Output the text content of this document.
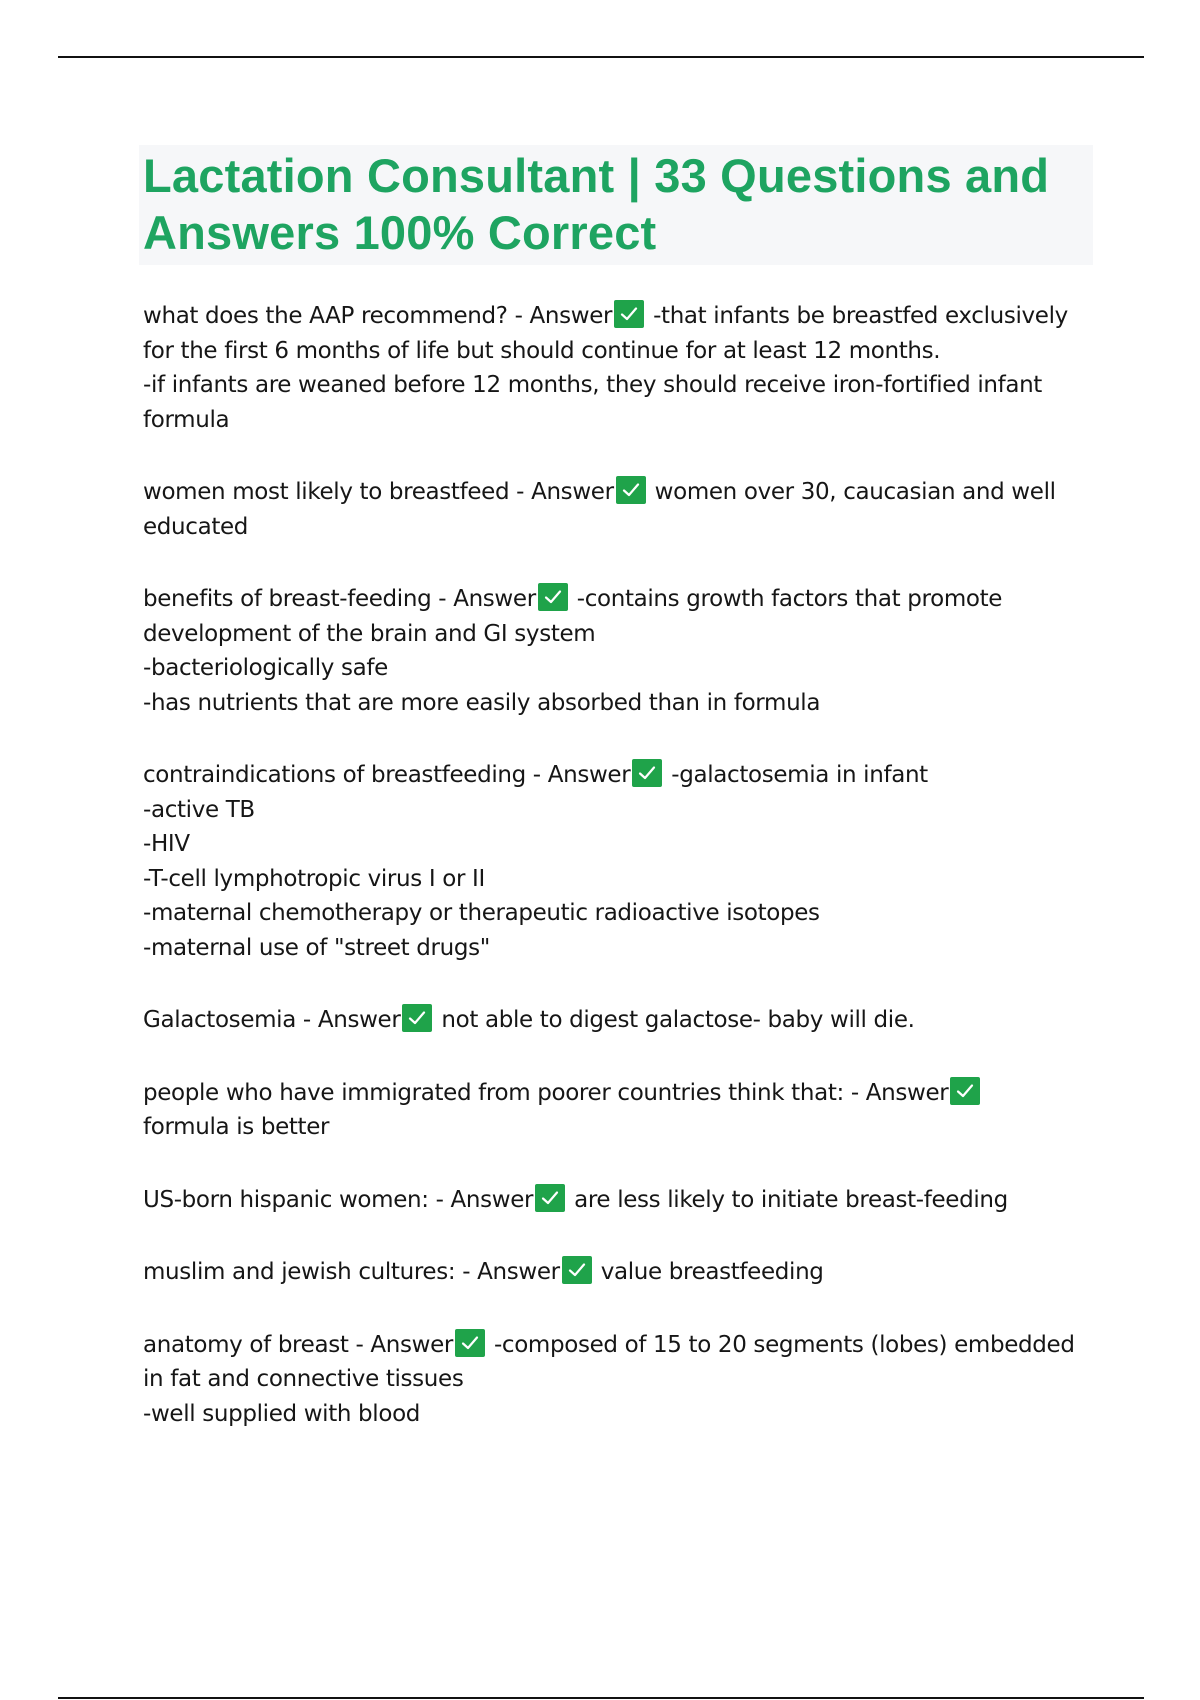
Lactation Consultant | 33 Questions and Answers 100% Correct

what does the AAP recommend? - Answer
-that infants be breastfed exclusively for the first 6 months of life but should continue for at least 12 months.
-if infants are weaned before 12 months, they should receive iron-fortified infant formula

women most likely to breastfeed - Answer
women over 30, caucasian and well educated

benefits of breast-feeding - Answer
-contains growth factors that promote development of the brain and GI system
-bacteriologically safe
-has nutrients that are more easily absorbed than in formula

contraindications of breastfeeding - Answer
-galactosemia in infant
-active TB
-HIV
-T-cell lymphotropic virus I or II
-maternal chemotherapy or therapeutic radioactive isotopes
-maternal use of "street drugs"

Galactosemia - Answer
not able to digest galactose- baby will die.

people who have immigrated from poorer countries think that: - Answer

formula is better

US-born hispanic women: - Answer
are less likely to initiate breast-feeding

muslim and jewish cultures: - Answer
value breastfeeding

anatomy of breast - Answer
-composed of 15 to 20 segments (lobes) embedded in fat and connective tissues
-well supplied with blood
